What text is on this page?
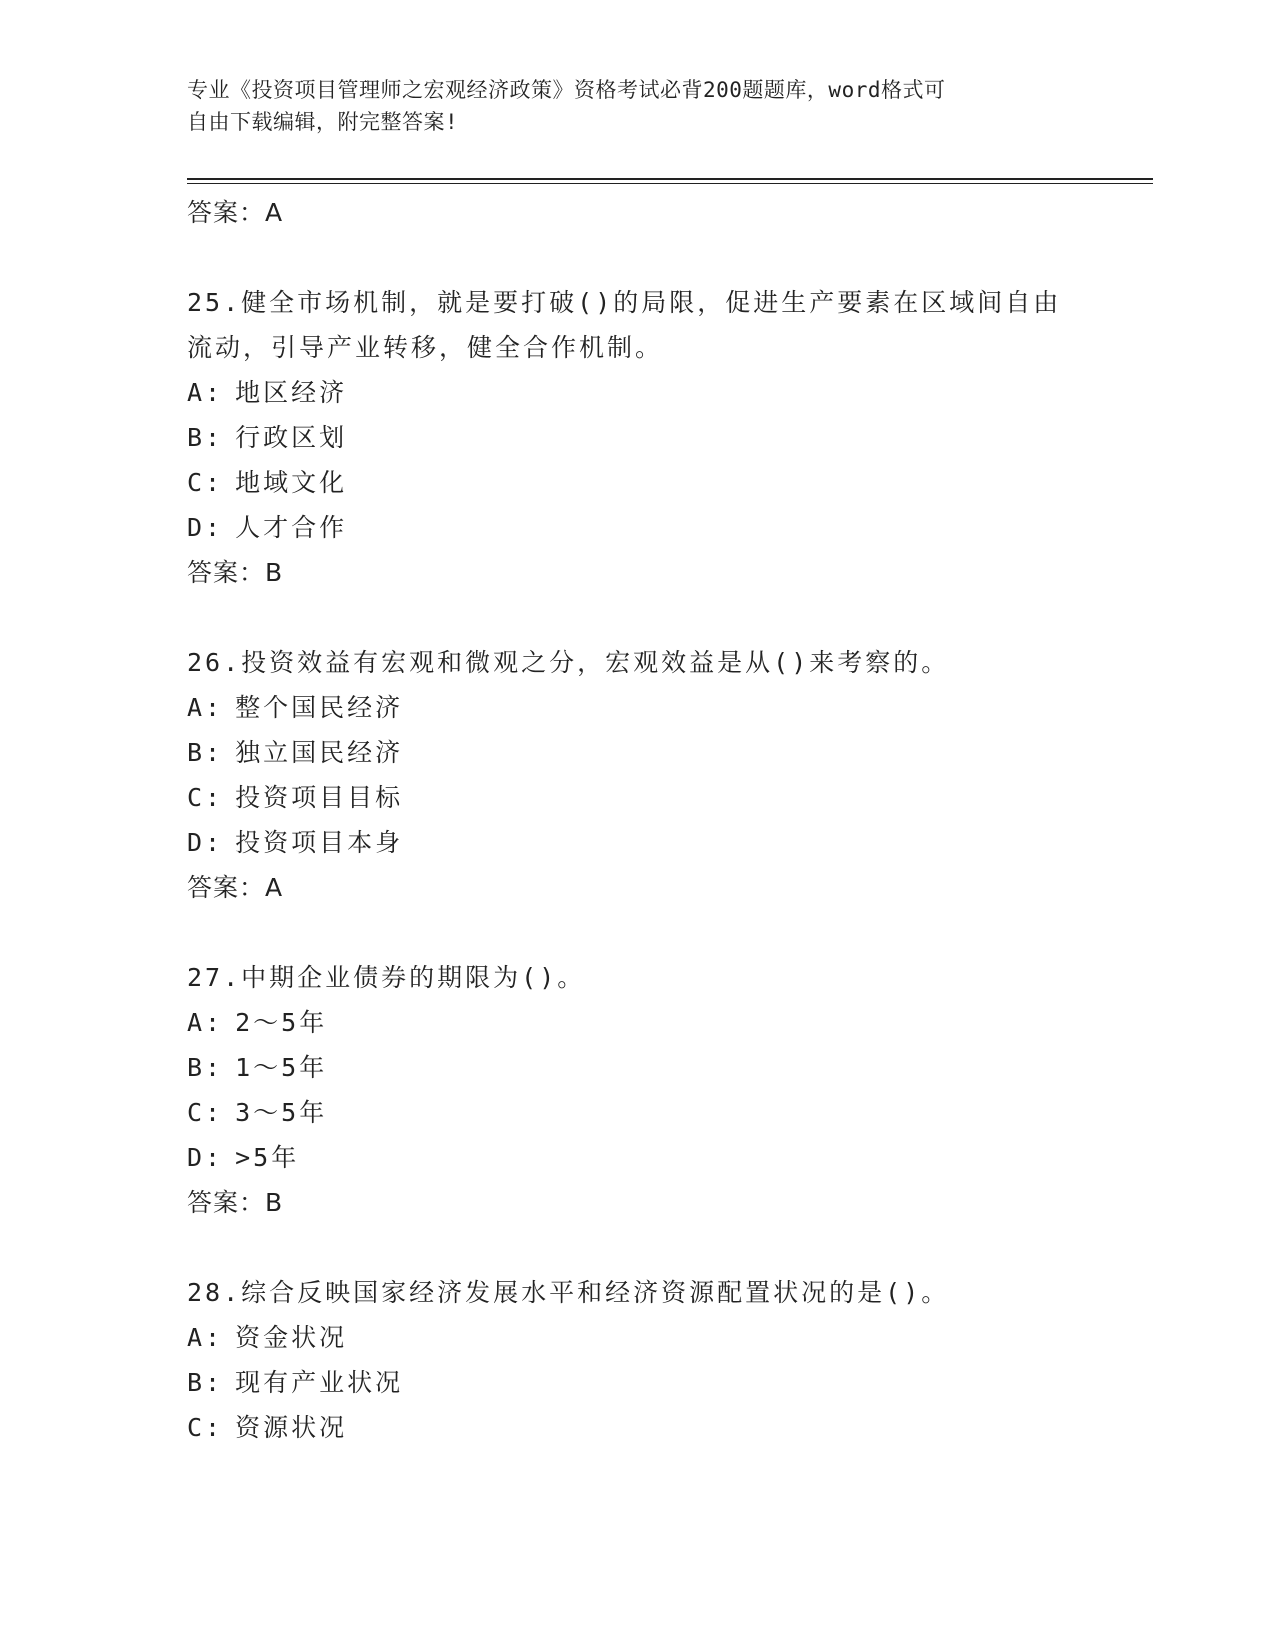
专业《投资项目管理师之宏观经济政策》资格考试必背200题题库，word格式可
自由下载编辑，附完整答案!
答案：A
25.健全市场机制，就是要打破()的局限，促进生产要素在区域间自由流动，引导产业转移，健全合作机制。
A: 地区经济
B: 行政区划
C: 地域文化
D: 人才合作
答案：B
26.投资效益有宏观和微观之分，宏观效益是从()来考察的。
A: 整个国民经济
B: 独立国民经济
C: 投资项目目标
D: 投资项目本身
答案：A
27.中期企业债券的期限为()。
A: 2～5年
B: 1～5年
C: 3～5年
D: >5年
答案：B
28.综合反映国家经济发展水平和经济资源配置状况的是()。
A: 资金状况
B: 现有产业状况
C: 资源状况
